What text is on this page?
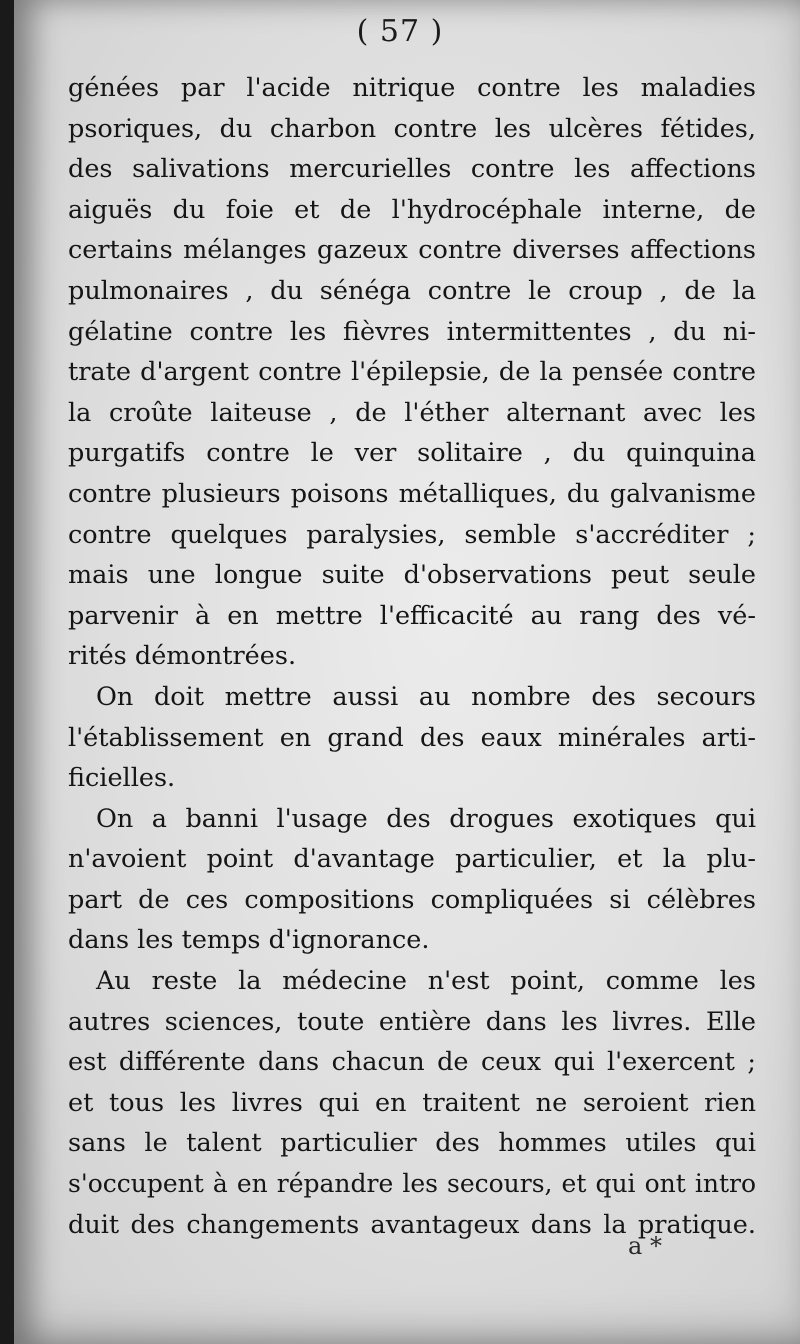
( 57 )
génées par l'acide nitrique contre les maladies
psoriques, du charbon contre les ulcères fétides,
des salivations mercurielles contre les affections
aiguës du foie et de l'hydrocéphale interne, de
certains mélanges gazeux contre diverses affections
pulmonaires , du sénéga contre le croup , de la
gélatine contre les fièvres intermittentes , du ni-
trate d'argent contre l'épilepsie, de la pensée contre
la croûte laiteuse , de l'éther alternant avec les
purgatifs contre le ver solitaire , du quinquina
contre plusieurs poisons métalliques, du galvanisme
contre quelques paralysies, semble s'accréditer ;
mais une longue suite d'observations peut seule
parvenir à en mettre l'efficacité au rang des vé-
rités démontrées.
On doit mettre aussi au nombre des secours
l'établissement en grand des eaux minérales arti-
ficielles.
On a banni l'usage des drogues exotiques qui
n'avoient point d'avantage particulier, et la plu-
part de ces compositions compliquées si célèbres
dans les temps d'ignorance.
Au reste la médecine n'est point, comme les
autres sciences, toute entière dans les livres. Elle
est différente dans chacun de ceux qui l'exercent ;
et tous les livres qui en traitent ne seroient rien
sans le talent particulier des hommes utiles qui
s'occupent à en répandre les secours, et qui ont intro
duit des changements avantageux dans la pratique.
a *
